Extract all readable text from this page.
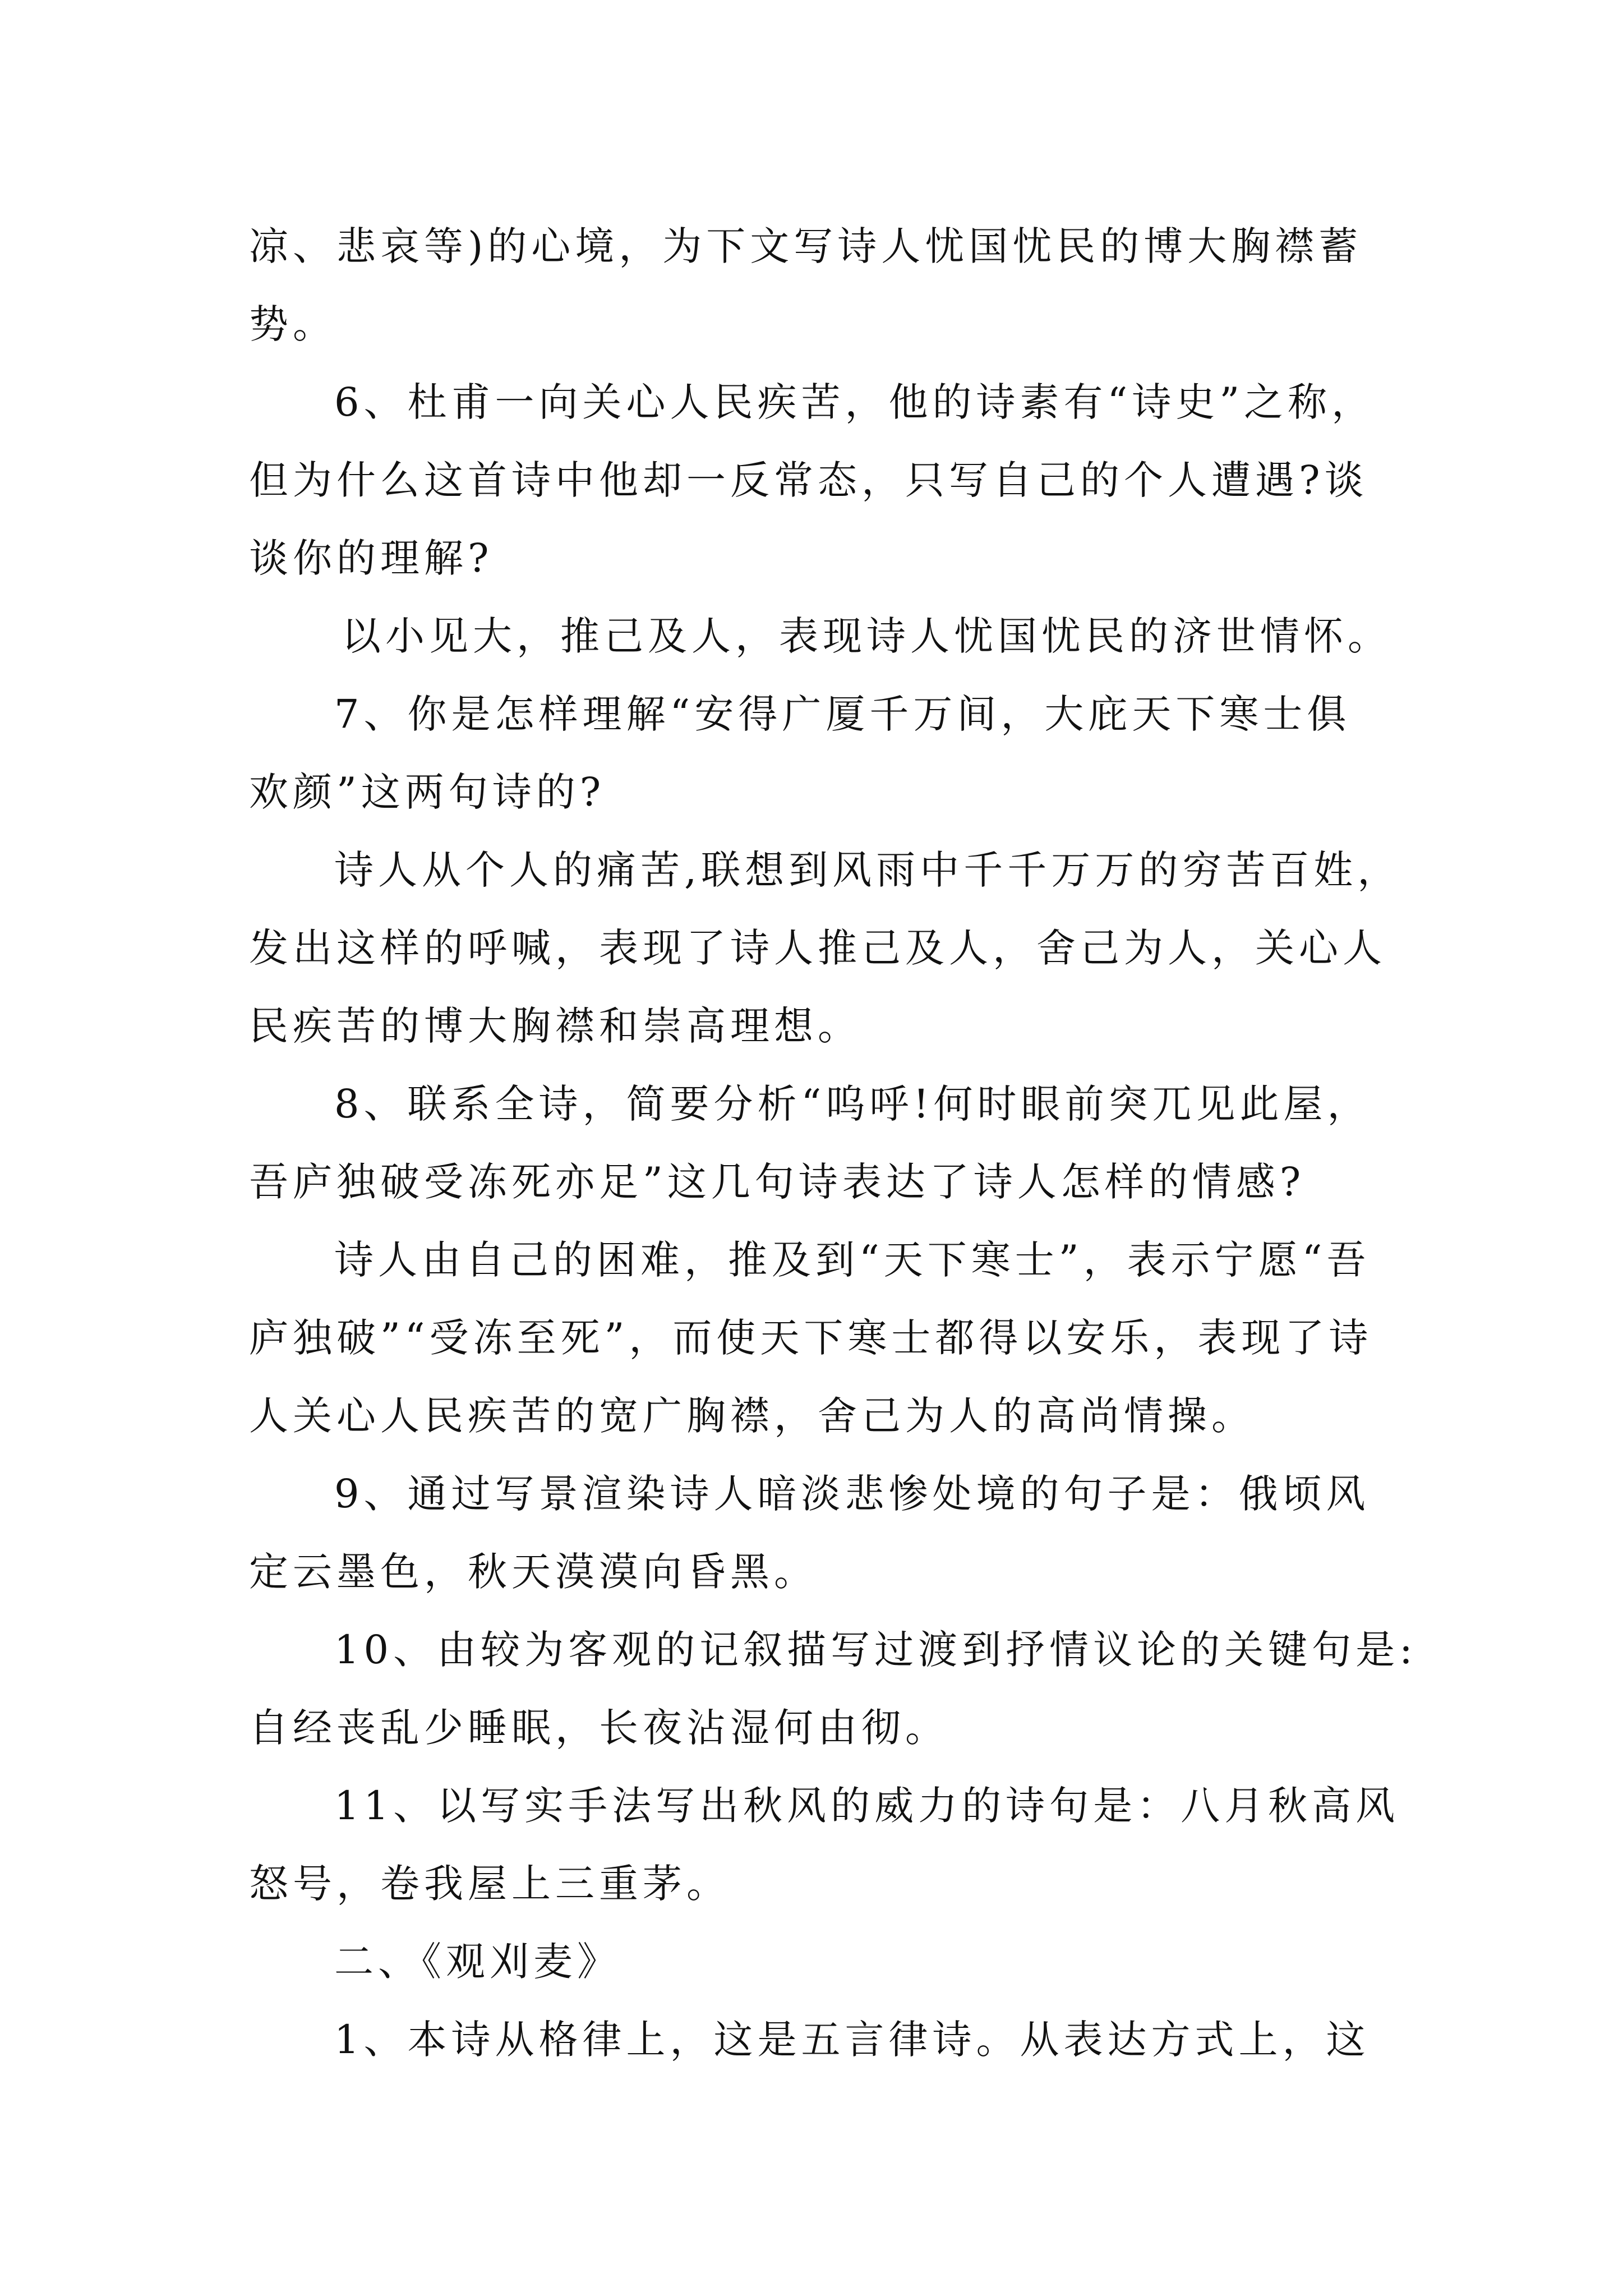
凉、悲哀等)的心境，为下文写诗人忧国忧民的博大胸襟蓄
势。
6、杜甫一向关心人民疾苦，他的诗素有“诗史”之称，
但为什么这首诗中他却一反常态，只写自己的个人遭遇?谈
谈你的理解?
以小见大，推己及人，表现诗人忧国忧民的济世情怀。
7、你是怎样理解“安得广厦千万间，大庇天下寒士俱
欢颜”这两句诗的?
诗人从个人的痛苦,联想到风雨中千千万万的穷苦百姓，
发出这样的呼喊，表现了诗人推己及人，舍己为人，关心人
民疾苦的博大胸襟和崇高理想。
8、联系全诗，简要分析“呜呼!何时眼前突兀见此屋，
吾庐独破受冻死亦足”这几句诗表达了诗人怎样的情感?
诗人由自己的困难，推及到“天下寒士”，表示宁愿“吾
庐独破”“受冻至死”，而使天下寒士都得以安乐，表现了诗
人关心人民疾苦的宽广胸襟，舍己为人的高尚情操。
9、通过写景渲染诗人暗淡悲惨处境的句子是：俄顷风
定云墨色，秋天漠漠向昏黑。
10、由较为客观的记叙描写过渡到抒情议论的关键句是:
自经丧乱少睡眠，长夜沾湿何由彻。
11、以写实手法写出秋风的威力的诗句是：八月秋高风
怒号，卷我屋上三重茅。
二、《观刈麦》
1、本诗从格律上，这是五言律诗。从表达方式上，这
